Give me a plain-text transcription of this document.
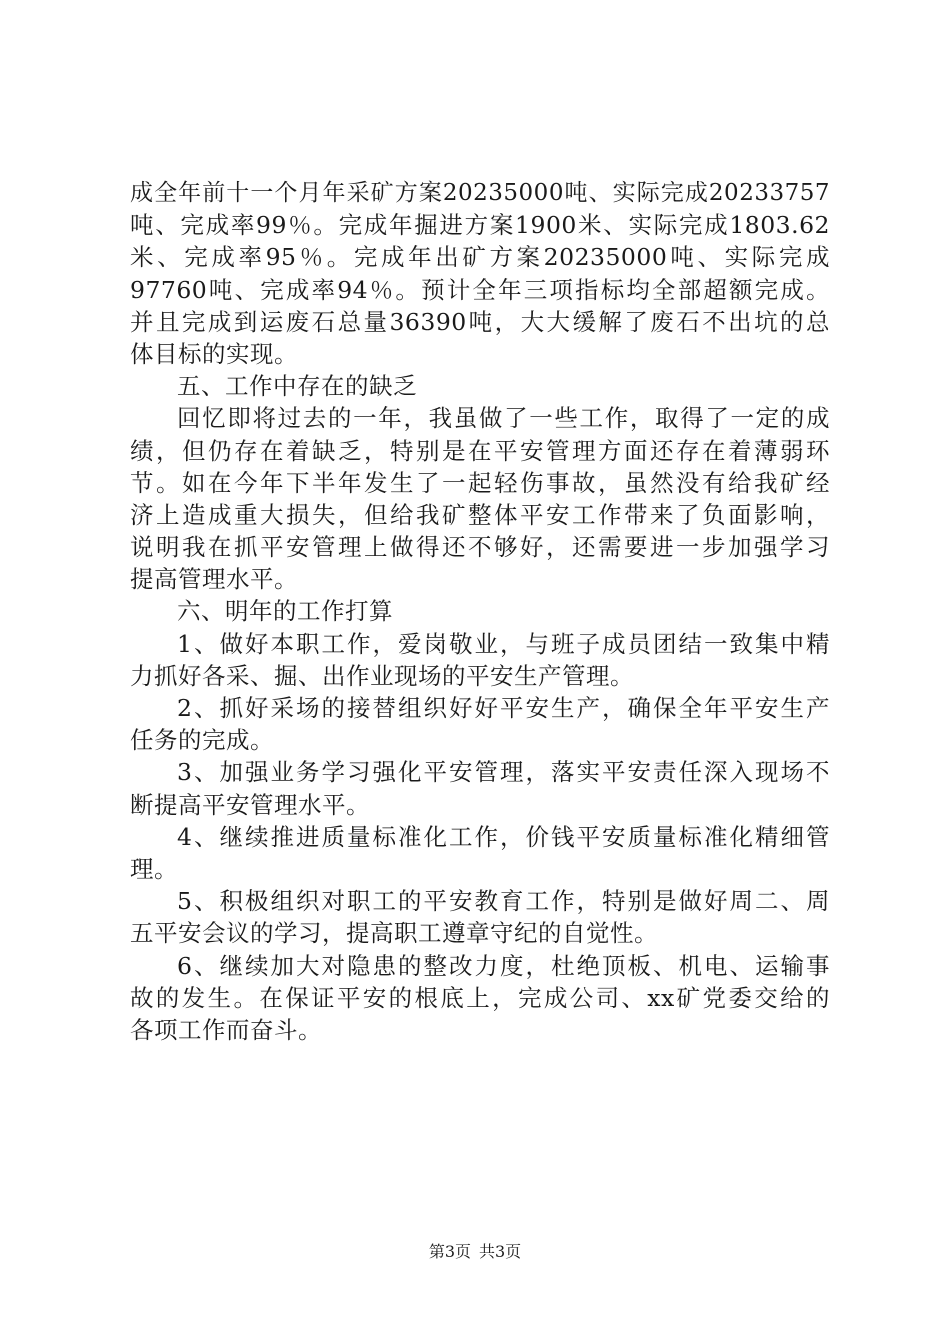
成全年前十一个月年采矿方案20235000吨、实际完成20233757
吨、完成率99％。完成年掘进方案1900米、实际完成1803.62
米、完成率95％。完成年出矿方案20235000吨、实际完成
97760吨、完成率94％。预计全年三项指标均全部超额完成。
并且完成到运废石总量36390吨，大大缓解了废石不出坑的总
体目标的实现。
五、工作中存在的缺乏
回忆即将过去的一年，我虽做了一些工作，取得了一定的成
绩，但仍存在着缺乏，特别是在平安管理方面还存在着薄弱环
节。如在今年下半年发生了一起轻伤事故，虽然没有给我矿经
济上造成重大损失，但给我矿整体平安工作带来了负面影响，
说明我在抓平安管理上做得还不够好，还需要进一步加强学习
提高管理水平。
六、明年的工作打算
1、做好本职工作，爱岗敬业，与班子成员团结一致集中精
力抓好各采、掘、出作业现场的平安生产管理。
2、抓好采场的接替组织好好平安生产，确保全年平安生产
任务的完成。
3、加强业务学习强化平安管理，落实平安责任深入现场不
断提高平安管理水平。
4、继续推进质量标准化工作，价钱平安质量标准化精细管
理。
5、积极组织对职工的平安教育工作，特别是做好周二、周
五平安会议的学习，提高职工遵章守纪的自觉性。
6、继续加大对隐患的整改力度，杜绝顶板、机电、运输事
故的发生。在保证平安的根底上，完成公司、xx矿党委交给的
各项工作而奋斗。
第3页 共3页
